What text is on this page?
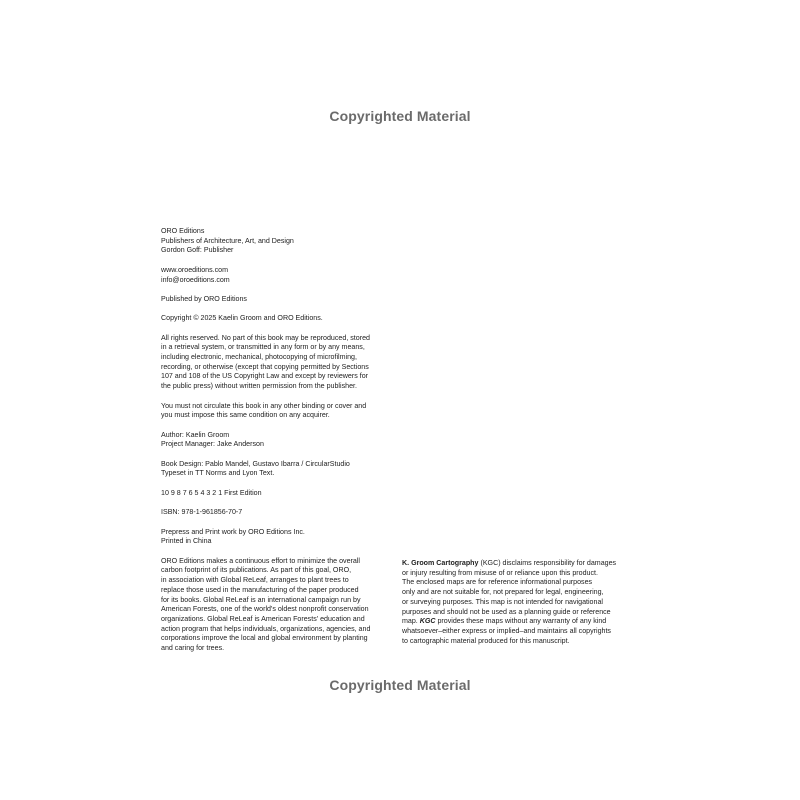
Copyrighted Material
ORO Editions
Publishers of Architecture, Art, and Design
Gordon Goff: Publisher
www.oroeditions.com
info@oroeditions.com
Published by ORO Editions
Copyright © 2025 Kaelin Groom and ORO Editions.
All rights reserved. No part of this book may be reproduced, stored
in a retrieval system, or transmitted in any form or by any means,
including electronic, mechanical, photocopying of microfilming,
recording, or otherwise (except that copying permitted by Sections
107 and 108 of the US Copyright Law and except by reviewers for
the public press) without written permission from the publisher.
You must not circulate this book in any other binding or cover and
you must impose this same condition on any acquirer.
Author: Kaelin Groom
Project Manager: Jake Anderson
Book Design: Pablo Mandel, Gustavo Ibarra / CircularStudio
Typeset in TT Norms and Lyon Text.
10 9 8 7 6 5 4 3 2 1 First Edition
ISBN: 978-1-961856-70-7
Prepress and Print work by ORO Editions Inc.
Printed in China
ORO Editions makes a continuous effort to minimize the overall
carbon footprint of its publications. As part of this goal, ORO,
in association with Global ReLeaf, arranges to plant trees to
replace those used in the manufacturing of the paper produced
for its books. Global ReLeaf is an international campaign run by
American Forests, one of the world's oldest nonprofit conservation
organizations. Global ReLeaf is American Forests' education and
action program that helps individuals, organizations, agencies, and
corporations improve the local and global environment by planting
and caring for trees.
K. Groom Cartography (KGC) disclaims responsibility for damages
or injury resulting from misuse of or reliance upon this product.
The enclosed maps are for reference informational purposes
only and are not suitable for, not prepared for legal, engineering,
or surveying purposes. This map is not intended for navigational
purposes and should not be used as a planning guide or reference
map. KGC provides these maps without any warranty of any kind
whatsoever–either express or implied–and maintains all copyrights
to cartographic material produced for this manuscript.
Copyrighted Material
